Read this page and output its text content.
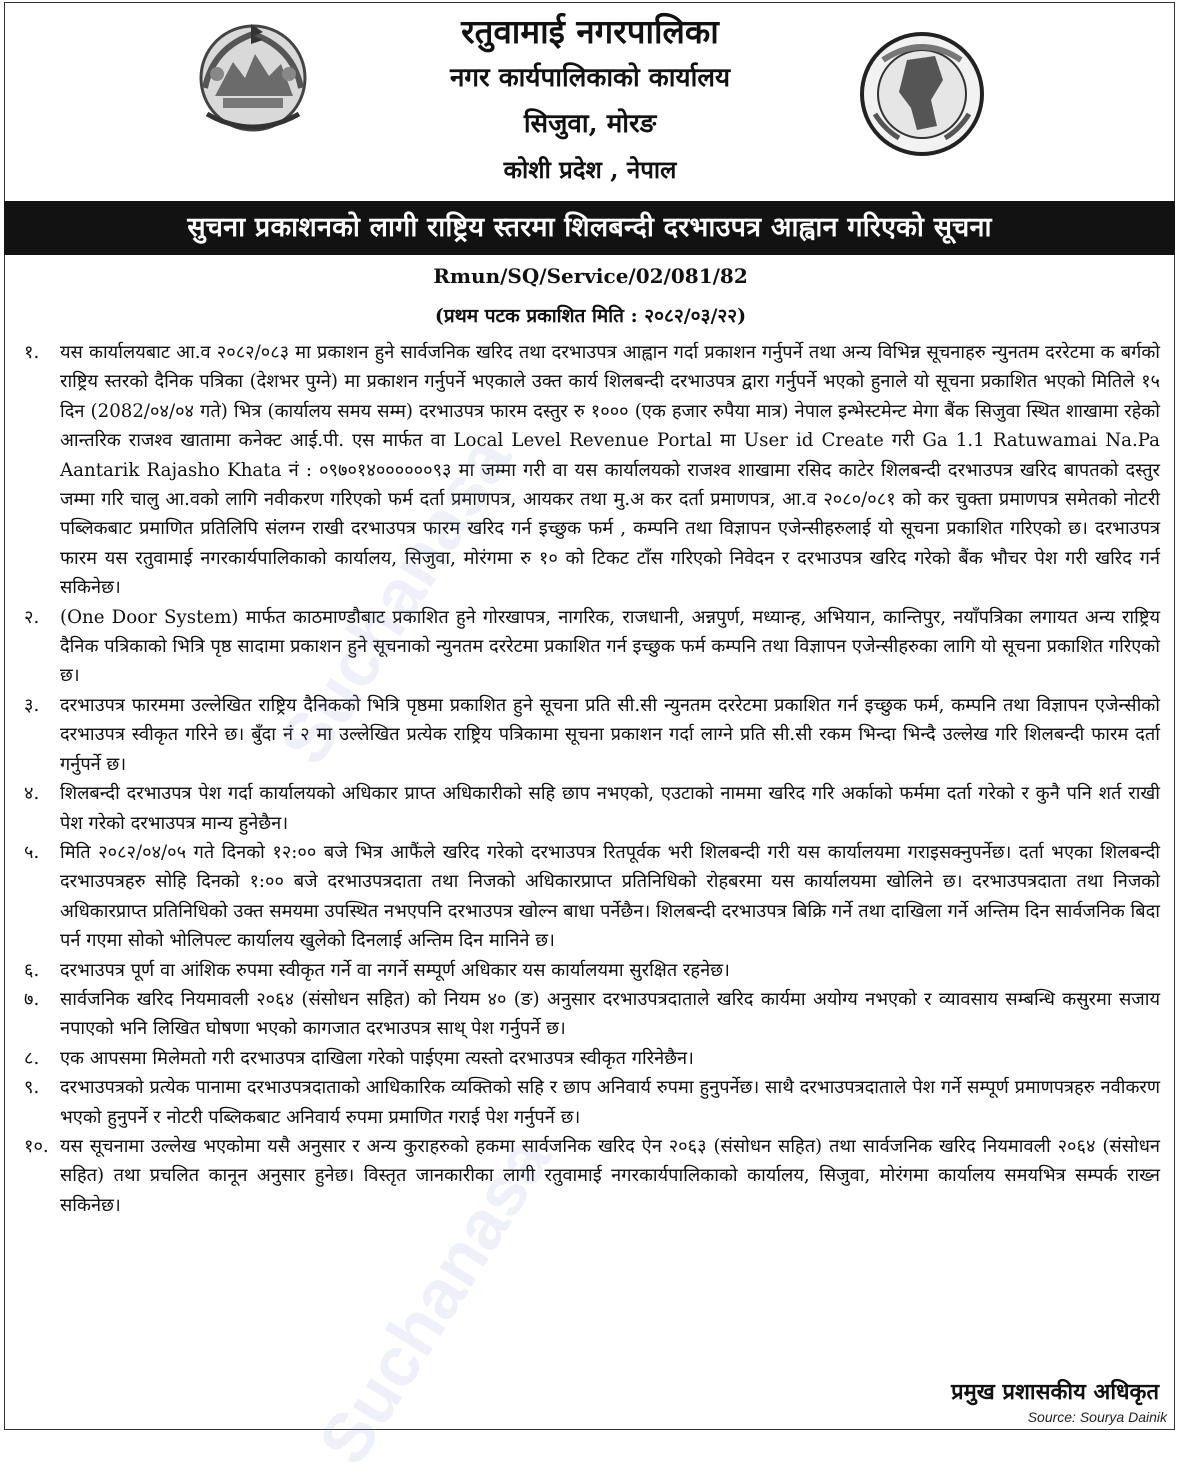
रतुवामाई नगरपालिका
नगर कार्यपालिकाको कार्यालय
सिजुवा, मोरङ
कोशी प्रदेश , नेपाल
सुचना प्रकाशनको लागी राष्ट्रिय स्तरमा शिलबन्दी दरभाउपत्र आह्वान गरिएको सूचना
Rmun/SQ/Service/02/081/82
(प्रथम पटक प्रकाशित मिति : २०८२/०३/२२)
१.	यस कार्यालयबाट आ.व २०८२/०८३ मा प्रकाशन हुने सार्वजनिक खरिद तथा दरभाउपत्र आह्वान गर्दा प्रकाशन गर्नुपर्ने तथा अन्य विभिन्न सूचनाहरु न्युनतम दररेटमा क बर्गको राष्ट्रिय स्तरको दैनिक पत्रिका (देशभर पुग्ने) मा प्रकाशन गर्नुपर्ने भएकाले उक्त कार्य शिलबन्दी दरभाउपत्र द्वारा गर्नुपर्ने भएको हुनाले यो सूचना प्रकाशित भएको मितिले १५ दिन (2082/०४/०४ गते) भित्र (कार्यालय समय सम्म) दरभाउपत्र फारम दस्तुर रु १००० (एक हजार रुपैया मात्र) नेपाल इन्भेस्टमेन्ट मेगा बैंक सिजुवा स्थित शाखामा रहेको आन्तरिक राजश्व खातामा कनेक्ट आई.पी. एस मार्फत वा Local Level Revenue Portal मा User id Create गरी Ga 1.1 Ratuwamai Na.Pa Aantarik Rajasho Khata नं : ०९७०१४००००००९३ मा जम्मा गरी वा यस कार्यालयको राजश्व शाखामा रसिद काटेर शिलबन्दी दरभाउपत्र खरिद बापतको दस्तुर जम्मा गरि चालु आ.वको लागि नवीकरण गरिएको फर्म दर्ता प्रमाणपत्र, आयकर तथा मु.अ कर दर्ता प्रमाणपत्र, आ.व २०८०/०८१ को कर चुक्ता प्रमाणपत्र समेतको नोटरी पब्लिकबाट प्रमाणित प्रतिलिपि संलग्न राखी दरभाउपत्र फारम खरिद गर्न इच्छुक फर्म , कम्पनि तथा विज्ञापन एजेन्सीहरुलाई यो सूचना प्रकाशित गरिएको छ। दरभाउपत्र फारम यस रतुवामाई नगरकार्यपालिकाको कार्यालय, सिजुवा, मोरंगमा रु १० को टिकट टाँस गरिएको निवेदन र दरभाउपत्र खरिद गरेको बैंक भौचर पेश गरी खरिद गर्न सकिनेछ।
२.	(One Door System) मार्फत काठमाण्डौबाट प्रकाशित हुने गोरखापत्र, नागरिक, राजधानी, अन्नपुर्ण, मध्यान्ह, अभियान, कान्तिपुर, नयाँपत्रिका लगायत अन्य राष्ट्रिय दैनिक पत्रिकाको भित्रि पृष्ठ सादामा प्रकाशन हुने सूचनाको न्युनतम दररेटमा प्रकाशित गर्न इच्छुक फर्म कम्पनि तथा विज्ञापन एजेन्सीहरुका लागि यो सूचना प्रकाशित गरिएको छ।
३.	दरभाउपत्र फारममा उल्लेखित राष्ट्रिय दैनिकको भित्रि पृष्ठमा प्रकाशित हुने सूचना प्रति सी.सी न्युनतम दररेटमा प्रकाशित गर्न इच्छुक फर्म, कम्पनि तथा विज्ञापन एजेन्सीको दरभाउपत्र स्वीकृत गरिने छ। बुँदा नं २ मा उल्लेखित प्रत्येक राष्ट्रिय पत्रिकामा सूचना प्रकाशन गर्दा लाग्ने प्रति सी.सी रकम भिन्दा भिन्दै उल्लेख गरि शिलबन्दी फारम दर्ता गर्नुपर्ने छ।
४.	शिलबन्दी दरभाउपत्र पेश गर्दा कार्यालयको अधिकार प्राप्त अधिकारीको सहि छाप नभएको, एउटाको नाममा खरिद गरि अर्काको फर्ममा दर्ता गरेको र कुनै पनि शर्त राखी पेश गरेको दरभाउपत्र मान्य हुनेछैन।
५.	मिति २०८२/०४/०५ गते दिनको १२:०० बजे भित्र आफैंले खरिद गरेको दरभाउपत्र रितपूर्वक भरी शिलबन्दी गरी यस कार्यालयमा गराइसक्नुपर्नेछ। दर्ता भएका शिलबन्दी दरभाउपत्रहरु सोहि दिनको १:०० बजे दरभाउपत्रदाता तथा निजको अधिकारप्राप्त प्रतिनिधिको रोहबरमा यस कार्यालयमा खोलिने छ। दरभाउपत्रदाता तथा निजको अधिकारप्राप्त प्रतिनिधिको उक्त समयमा उपस्थित नभएपनि दरभाउपत्र खोल्न बाधा पर्नेछैन। शिलबन्दी दरभाउपत्र बिक्रि गर्ने तथा दाखिला गर्ने अन्तिम दिन सार्वजनिक बिदा पर्न गएमा सोको भोलिपल्ट कार्यालय खुलेको दिनलाई अन्तिम दिन मानिने छ।
६.	दरभाउपत्र पूर्ण वा आंशिक रुपमा स्वीकृत गर्ने वा नगर्ने सम्पूर्ण अधिकार यस कार्यालयमा सुरक्षित रहनेछ।
७.	सार्वजनिक खरिद नियमावली २०६४ (संसोधन सहित) को नियम ४० (ङ) अनुसार दरभाउपत्रदाताले खरिद कार्यमा अयोग्य नभएको र व्यावसाय सम्बन्धि कसुरमा सजाय नपाएको भनि लिखित घोषणा भएको कागजात दरभाउपत्र साथ् पेश गर्नुपर्ने छ।
८.	एक आपसमा मिलेमतो गरी दरभाउपत्र दाखिला गरेको पाईएमा त्यस्तो दरभाउपत्र स्वीकृत गरिनेछैन।
९.	दरभाउपत्रको प्रत्येक पानामा दरभाउपत्रदाताको आधिकारिक व्यक्तिको सहि र छाप अनिवार्य रुपमा हुनुपर्नेछ। साथै दरभाउपत्रदाताले पेश गर्ने सम्पूर्ण प्रमाणपत्रहरु नवीकरण भएको हुनुपर्ने र नोटरी पब्लिकबाट अनिवार्य रुपमा प्रमाणित गराई पेश गर्नुपर्ने छ।
१०. यस सूचनामा उल्लेख भएकोमा यसै अनुसार र अन्य कुराहरुको हकमा सार्वजनिक खरिद ऐन २०६३ (संसोधन सहित) तथा सार्वजनिक खरिद नियमावली २०६४ (संसोधन सहित) तथा प्रचलित कानून अनुसार हुनेछ। विस्तृत जानकारीका लागी रतुवामाई नगरकार्यपालिकाको कार्यालय, सिजुवा, मोरंगमा कार्यालय समयभित्र सम्पर्क राख्न सकिनेछ।
प्रमुख प्रशासकीय अधिकृत
Source: Sourya Dainik
Suchanasa
Suchanasa
